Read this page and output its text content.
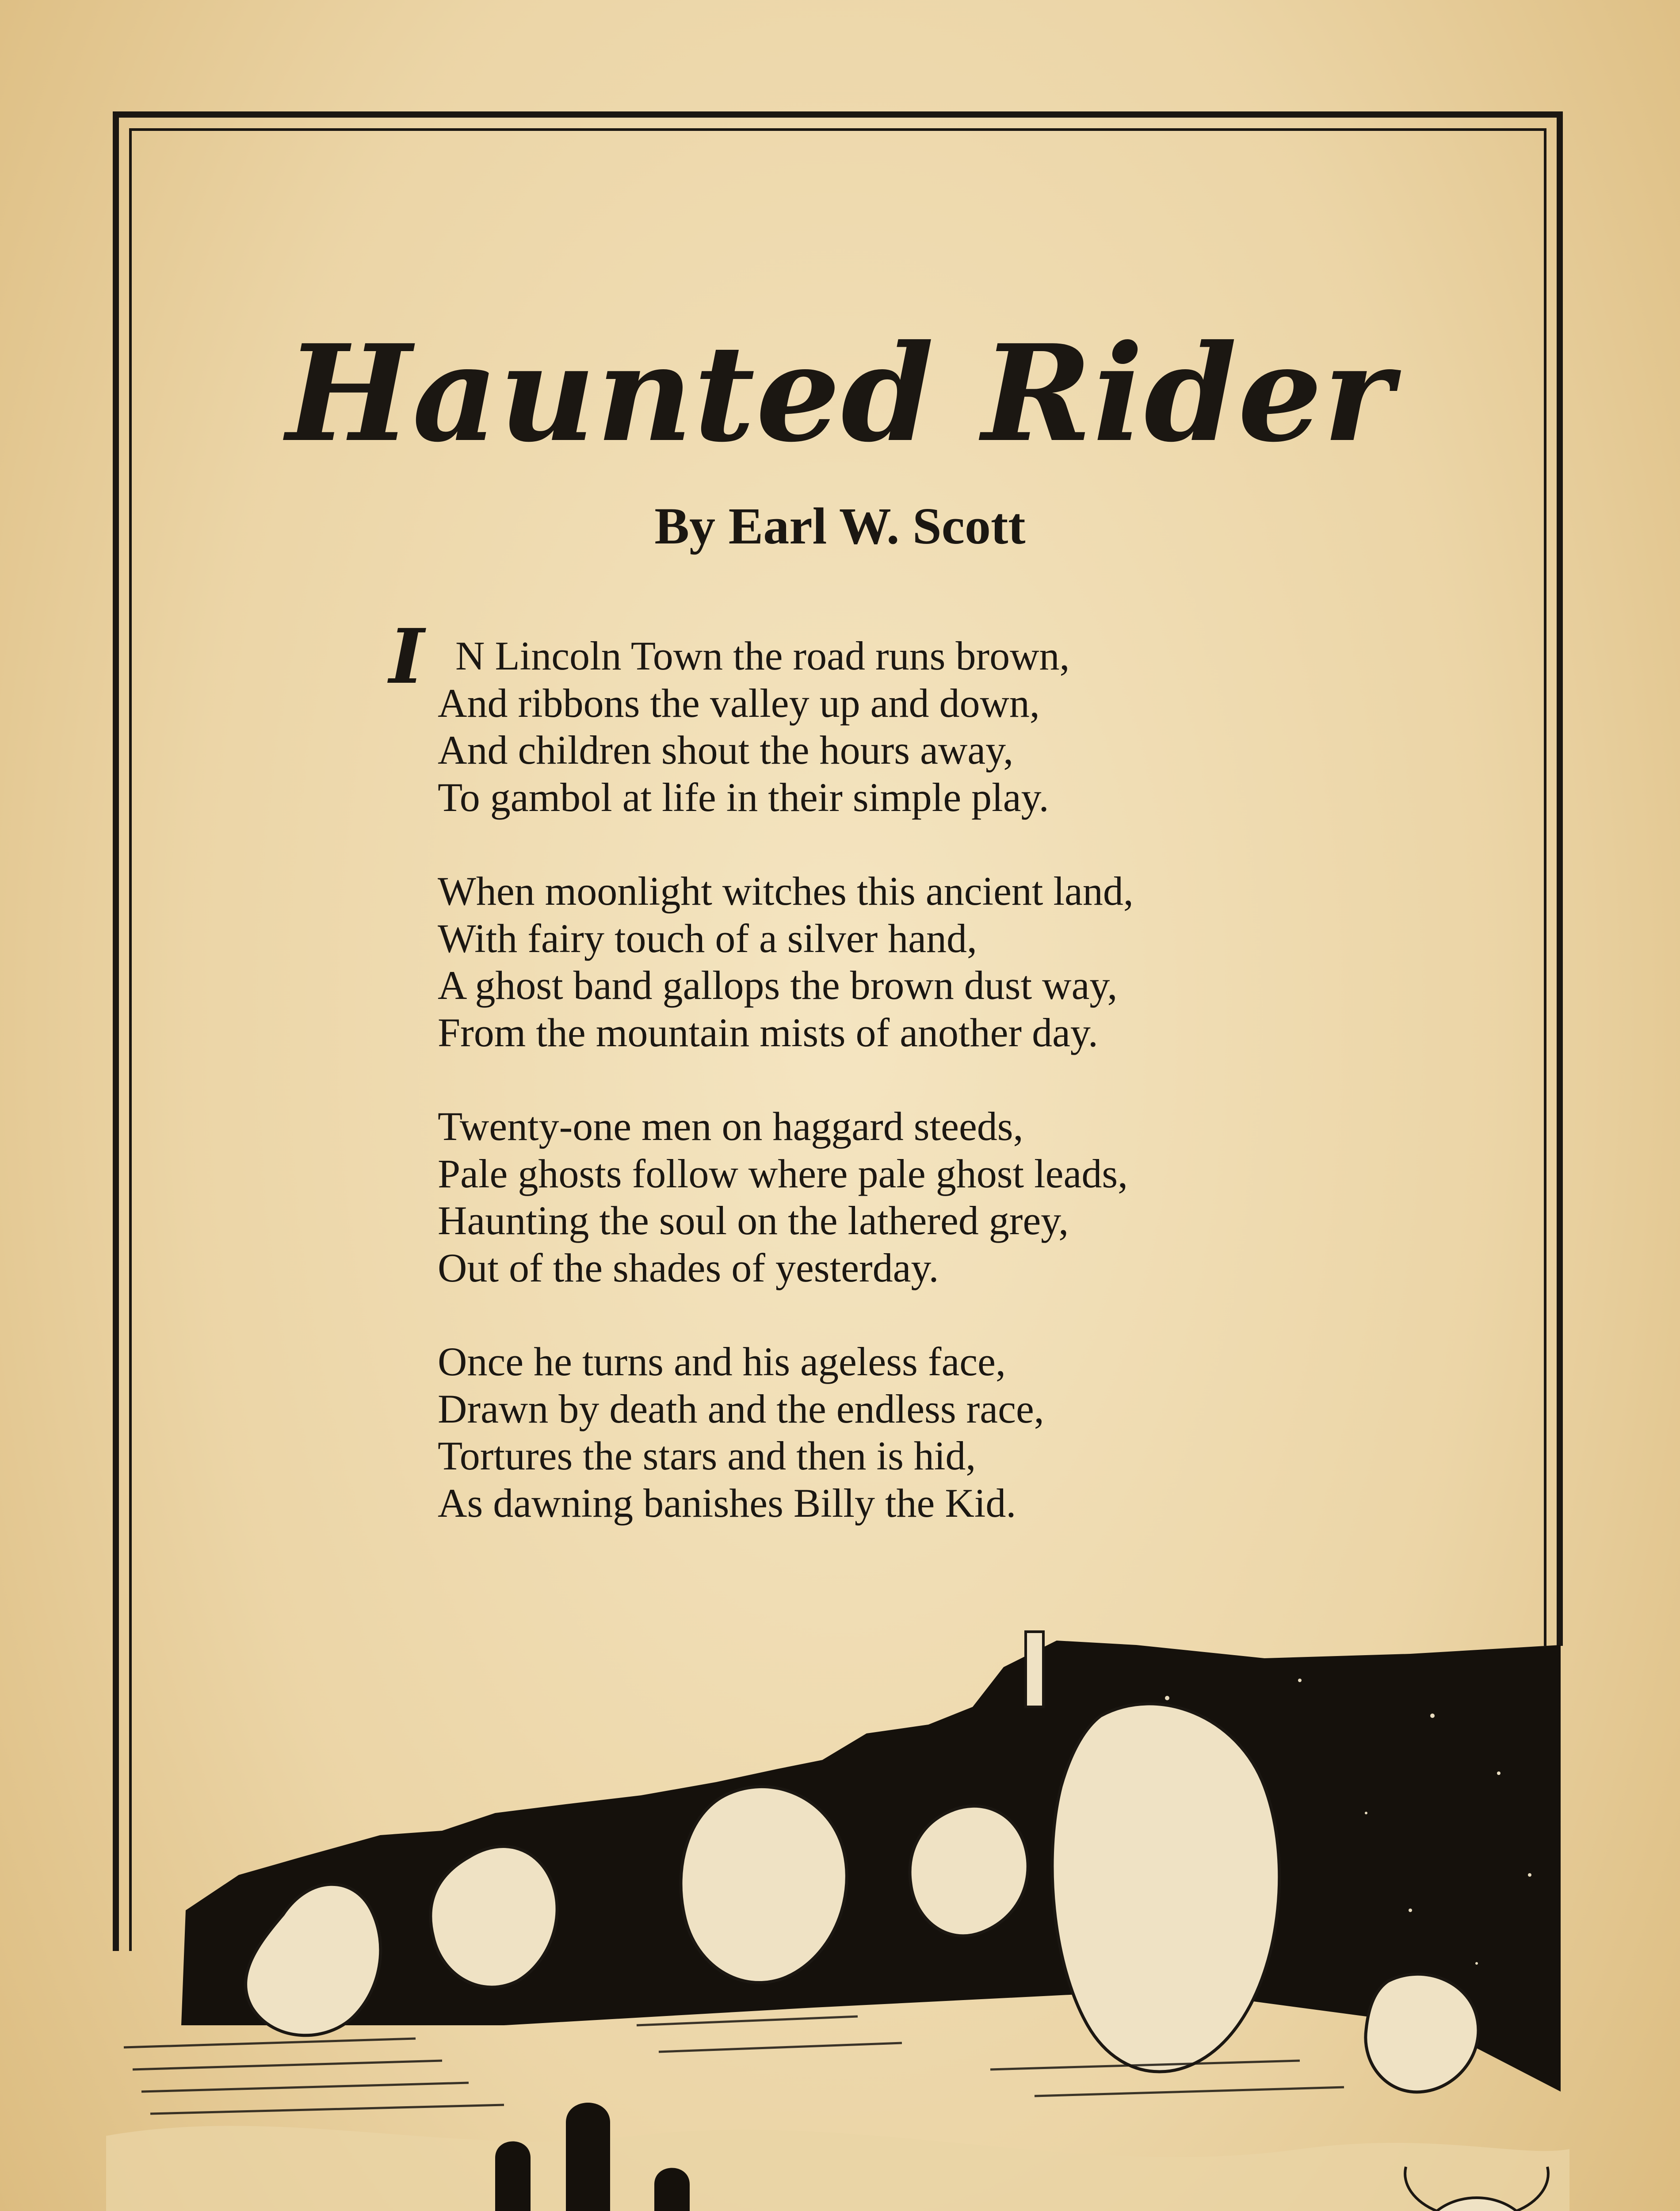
Haunted Rider

By Earl W. Scott

I N Lincoln Town the road runs brown,
And ribbons the valley up and down,
And children shout the hours away,
To gambol at life in their simple play.
When moonlight witches this ancient land,
With fairy touch of a silver hand,
A ghost band gallops the brown dust way,
From the mountain mists of another day.
Twenty-one men on haggard steeds,
Pale ghosts follow where pale ghost leads,
Haunting the soul on the lathered grey,
Out of the shades of yesterday.
Once he turns and his ageless face,
Drawn by death and the endless race,
Tortures the stars and then is hid,
As dawning banishes Billy the Kid.
